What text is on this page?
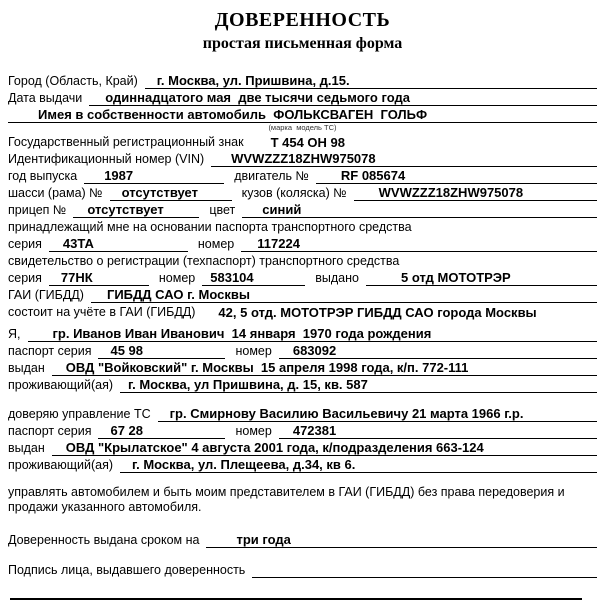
ДОВЕРЕННОСТЬ
простая письменная форма
Город (Область, Край)	г. Москва, ул. Пришвина, д.15.
Дата выдачи	одиннадцатого мая  две тысячи седьмого года
Имея в собственности автомобиль  ФОЛЬКСВАГЕН  ГОЛЬФ
(марка  модель ТС)
Государственный регистрационный знак	Т 454 ОН 98
Идентификационный номер (VIN)	WVWZZZ18ZHW975078
год выпуска	1987	двигатель №	RF 085674
шасси (рама) №	отсутствует	кузов (коляска) №	WVWZZZ18ZHW975078
прицеп №	отсутствует	цвет	синий
принадлежащий мне на основании паспорта транспортного средства
серия	43ТА	номер	117224
свидетельство о регистрации (техпаспорт) транспортного средства
серия	77НК	номер	583104	выдано	5 отд МОТОТРЭР
ГАИ (ГИБДД)	ГИБДД САО г. Москвы
состоит на учёте в ГАИ (ГИБДД)	42, 5 отд. МОТОТРЭР ГИБДД САО города Москвы
Я,	гр. Иванов Иван Иванович  14 января  1970 года рождения
паспорт серия	45 98	номер	683092
выдан	ОВД "Войковский" г. Москвы  15 апреля 1998 года, к/п. 772-111
проживающий(ая)	г. Москва, ул Пришвина, д. 15, кв. 587
доверяю управление ТС	гр. Смирнову Василию Васильевичу 21 марта 1966 г.р.
паспорт серия	67 28	номер	472381
выдан	ОВД "Крылатское" 4 августа 2001 года, к/подразделения 663-124
проживающий(ая)	г. Москва, ул. Плещеева, д.34, кв 6.
управлять автомобилем и быть моим представителем в ГАИ (ГИБДД) без права передоверия и продажи указанного автомобиля.
Доверенность выдана сроком на	три года
Подпись лица, выдавшего доверенность
